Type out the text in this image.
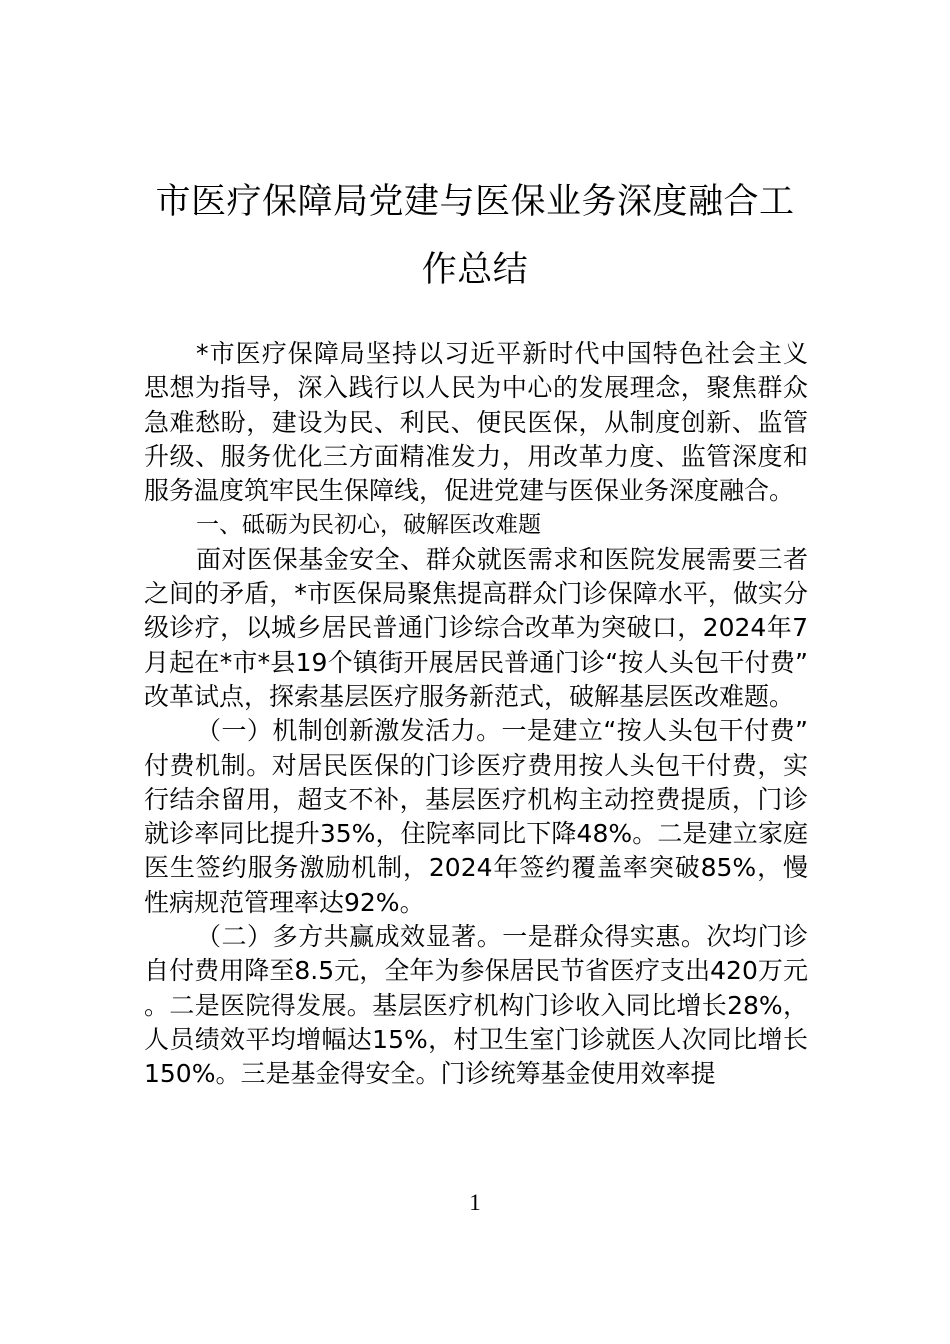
市医疗保障局党建与医保业务深度融合工
作总结

*市医疗保障局坚持以习近平新时代中国特色社会主义思想为指导，深入践行以人民为中心的发展理念，聚焦群众急难愁盼，建设为民、利民、便民医保，从制度创新、监管升级、服务优化三方面精准发力，用改革力度、监管深度和服务温度筑牢民生保障线，促进党建与医保业务深度融合。

一、砥砺为民初心，破解医改难题

面对医保基金安全、群众就医需求和医院发展需要三者之间的矛盾，*市医保局聚焦提高群众门诊保障水平，做实分级诊疗，以城乡居民普通门诊综合改革为突破口，2024年7月起在*市*县19个镇街开展居民普通门诊“按人头包干付费”改革试点，探索基层医疗服务新范式，破解基层医改难题。

（一）机制创新激发活力。一是建立“按人头包干付费”付费机制。对居民医保的门诊医疗费用按人头包干付费，实行结余留用，超支不补，基层医疗机构主动控费提质，门诊就诊率同比提升35%，住院率同比下降48%。二是建立家庭医生签约服务激励机制，2024年签约覆盖率突破85%，慢性病规范管理率达92%。

（二）多方共赢成效显著。一是群众得实惠。次均门诊自付费用降至8.5元，全年为参保居民节省医疗支出420万元。二是医院得发展。基层医疗机构门诊收入同比增长28%，人员绩效平均增幅达15%，村卫生室门诊就医人次同比增长150%。三是基金得安全。门诊统筹基金使用效率提

1
